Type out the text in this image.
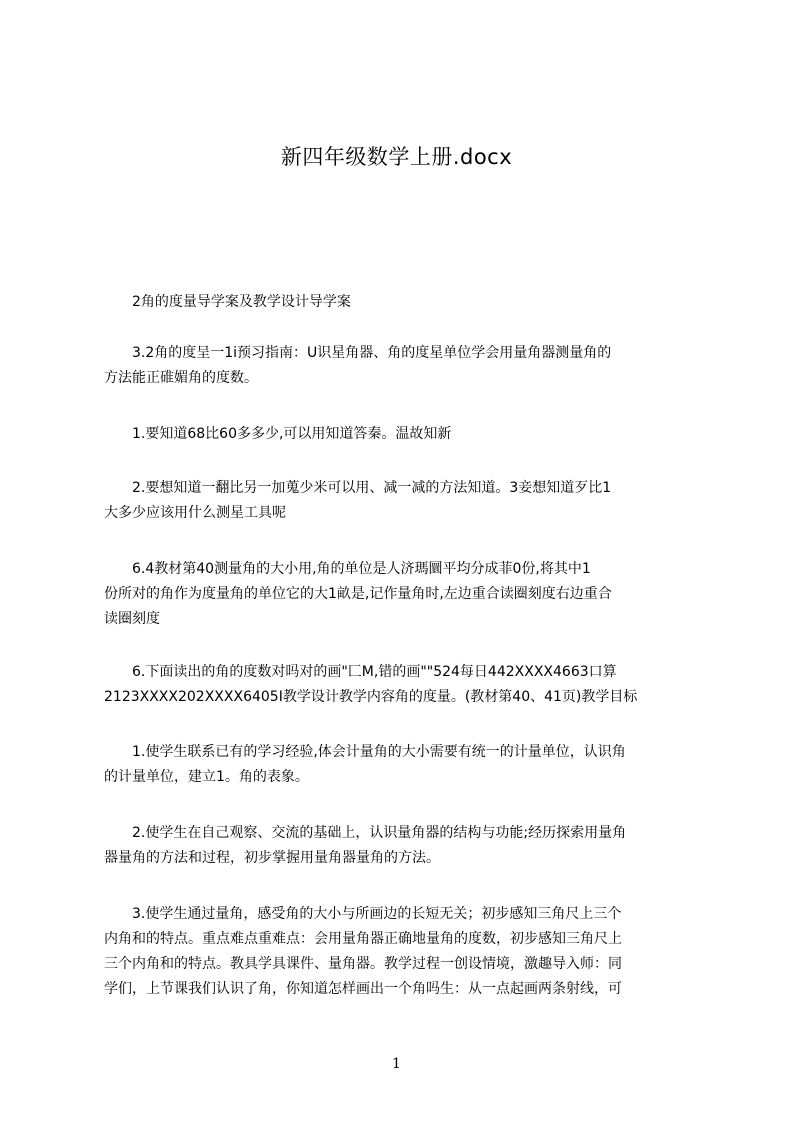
新四年级数学上册.docx
　　2角的度量导学案及教学设计导学案
　　3.2角的度呈一1i预习指南：U识星角器、角的度星单位学会用量角器测量角的
方法能正碓媚角的度数。
　　1.要知道68比60多多少,可以用知道答秦。温故知新
　　2.要想知道一翻比另一加蒐少米可以用、减一减的方法知道。3妾想知道歹比1
大多少应该用什么测星工具呢
　　6.4教材第40测量角的大小用,角的单位是人济瑪圜平均分成菲0份,将其中1
份所对的角作为度量角的单位它的大1畝是,记作量角时,左边重合读圈刻度右边重合
读圈刻度
　　6.下面读出的角的度数对吗对的画"匚M,错的画""524每日442XXXX4663口算
2123XXXX202XXXX6405I教学设计教学内容角的度量。(教材第40、41页)教学目标
　　1.使学生联系已有的学习经验,体会计量角的大小需要有统一的计量单位，认识角
的计量单位，建立1。角的表象。
　　2.使学生在自己观察、交流的基础上，认识量角器的结构与功能;经历探索用量角
器量角的方法和过程，初步掌握用量角器量角的方法。
　　3.使学生通过量角，感受角的大小与所画边的长短无关；初步感知三角尺上三个
内角和的特点。重点难点重难点：会用量角器正确地量角的度数，初步感知三角尺上
三个内角和的特点。教具学具课件、量角器。教学过程一创设情境，激趣导入师：同
学们，上节课我们认识了角，你知道怎样画出一个角吗生：从一点起画两条射线，可
1
